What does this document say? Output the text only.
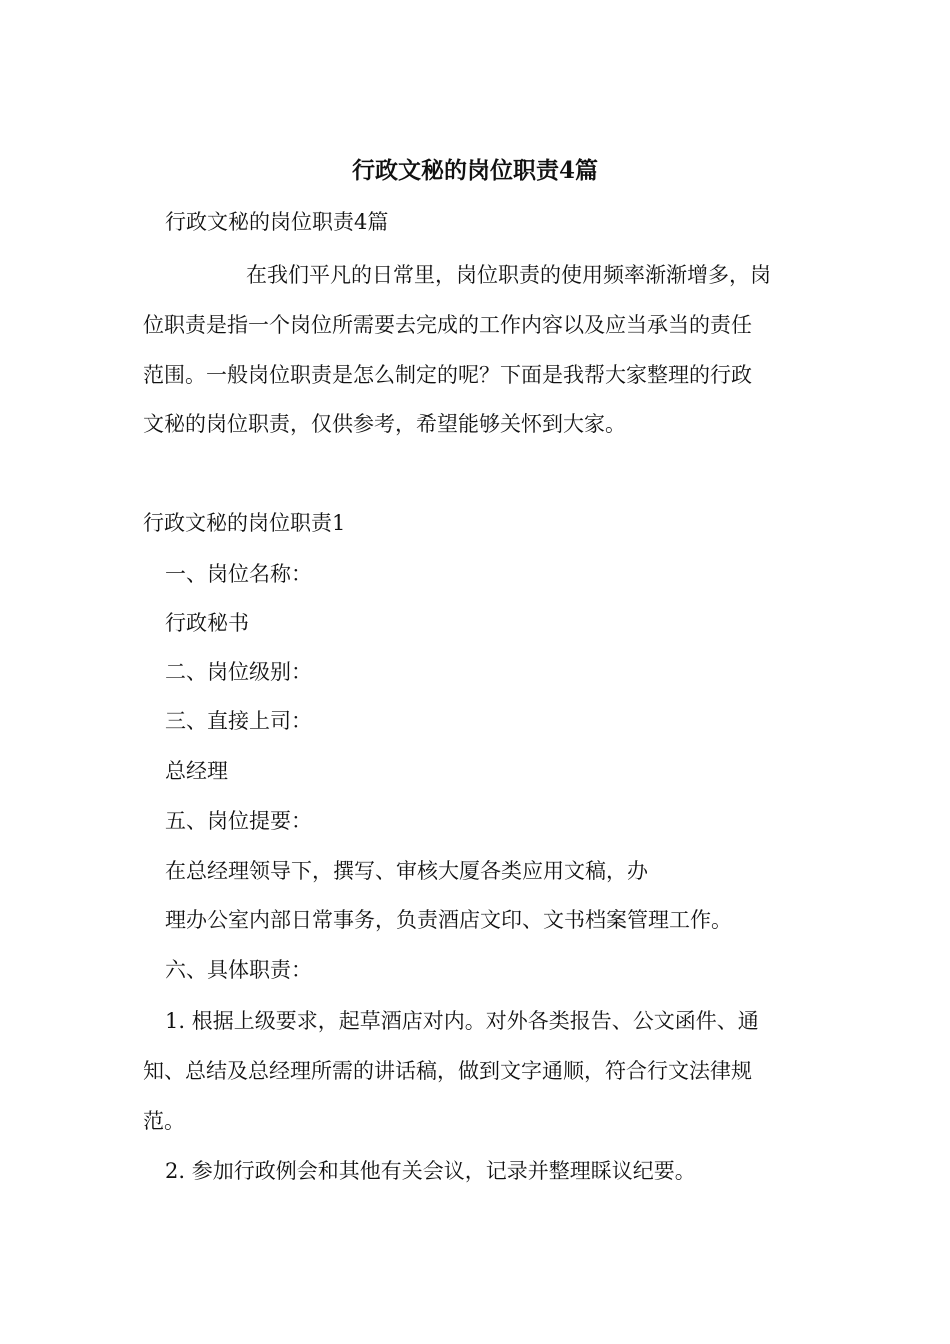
行政文秘的岗位职责4篇

行政文秘的岗位职责4篇

在我们平凡的日常里，岗位职责的使用频率渐渐增多，岗

位职责是指一个岗位所需要去完成的工作内容以及应当承当的责任

范围。一般岗位职责是怎么制定的呢？下面是我帮大家整理的行政

文秘的岗位职责，仅供参考，希望能够关怀到大家。

行政文秘的岗位职责1

一、岗位名称：

行政秘书

二、岗位级别：

三、直接上司：

总经理

五、岗位提要：

在总经理领导下，撰写、审核大厦各类应用文稿，办

理办公室内部日常事务，负责酒店文印、文书档案管理工作。

六、具体职责：

1. 根据上级要求，起草酒店对内。对外各类报告、公文函件、通

知、总结及总经理所需的讲话稿，做到文字通顺，符合行文法律规

范。

2. 参加行政例会和其他有关会议，记录并整理睬议纪要。
